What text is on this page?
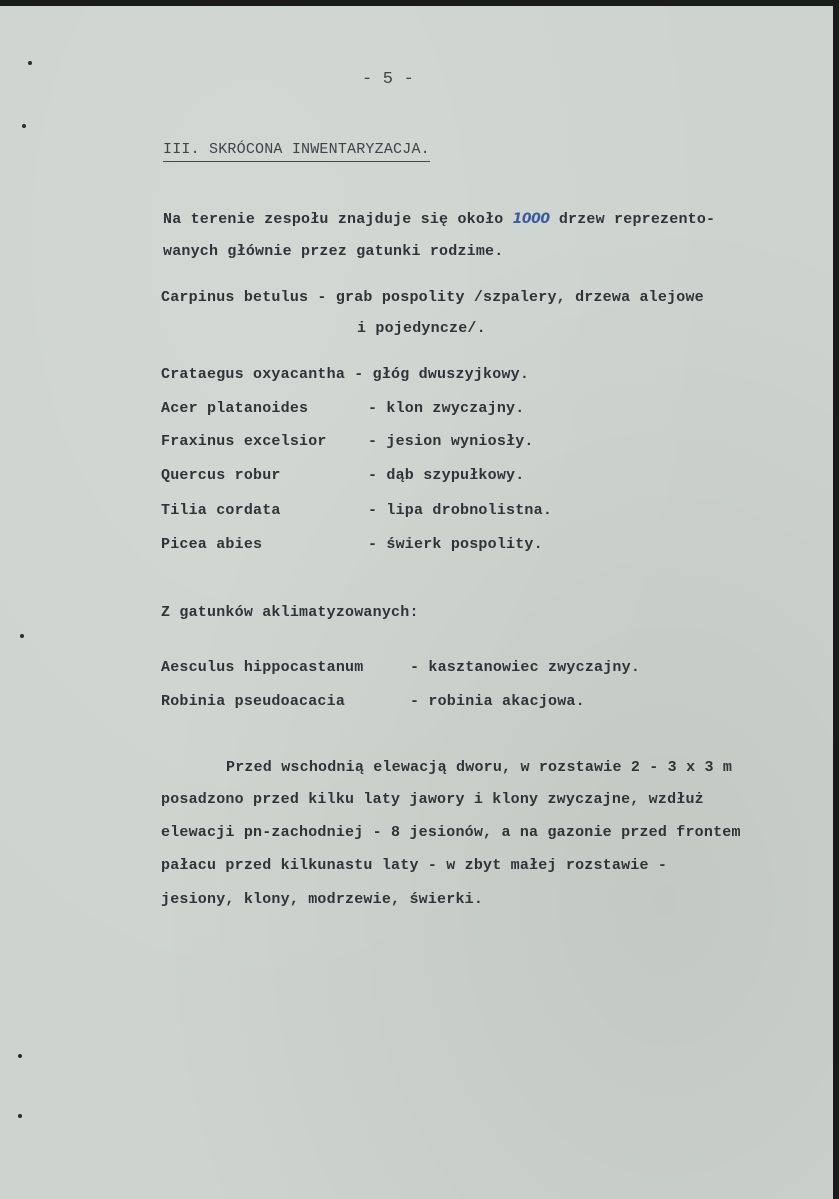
- 5 -
III. SKRÓCONA INWENTARYZACJA.
Na terenie zespołu znajduje się około 1000 drzew reprezento-
wanych głównie przez gatunki rodzime.
Carpinus betulus - grab pospolity /szpalery, drzewa alejowe
i pojedyncze/.
Crataegus oxyacantha - głóg dwuszyjkowy.
Acer platanoides	- klon zwyczajny.
Fraxinus excelsior	- jesion wyniosły.
Quercus robur	- dąb szypułkowy.
Tilia cordata	- lipa drobnolistna.
Picea abies	- świerk pospolity.
Z gatunków aklimatyzowanych:
Aesculus hippocastanum	- kasztanowiec zwyczajny.
Robinia pseudoacacia	- robinia akacjowa.
Przed wschodnią elewacją dworu, w rozstawie 2 - 3 x 3 m
posadzono przed kilku laty jawory i klony zwyczajne, wzdłuż
elewacji pn-zachodniej - 8 jesionów, a na gazonie przed frontem
pałacu przed kilkunastu laty - w zbyt małej rozstawie -
jesiony, klony, modrzewie, świerki.
